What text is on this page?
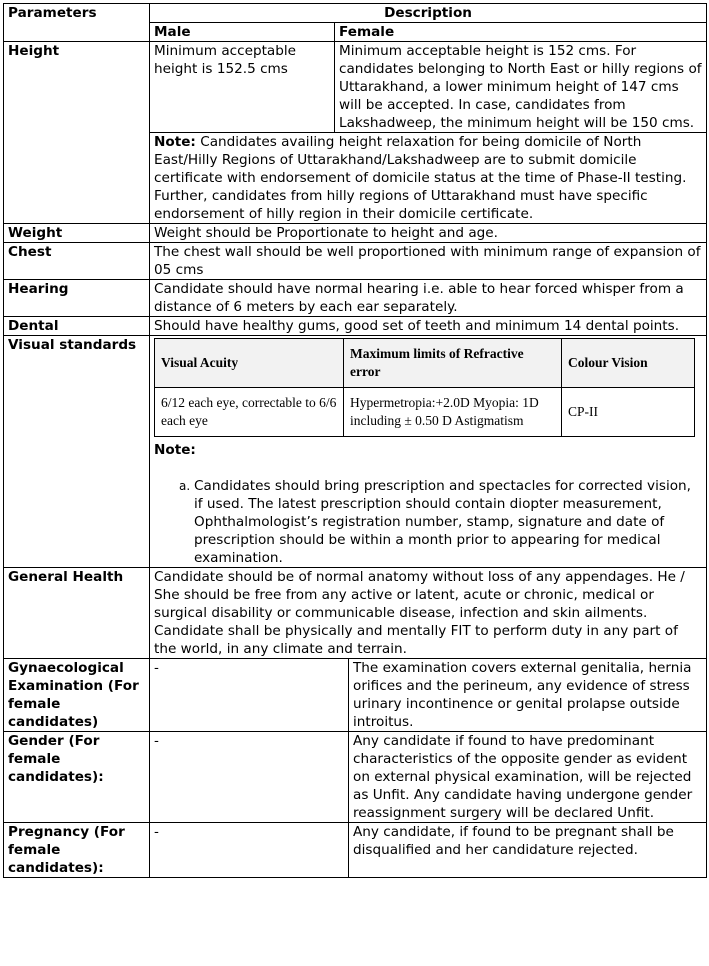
Parameters	Description
Male	Female
Height	Minimum acceptable height is 152.5 cms	Minimum acceptable height is 152 cms. For candidates belonging to North East or hilly regions of Uttarakhand, a lower minimum height of 147 cms will be accepted. In case, candidates from Lakshadweep, the minimum height will be 150 cms.
Note: Candidates availing height relaxation for being domicile of North East/Hilly Regions of Uttarakhand/Lakshadweep are to submit domicile certificate with endorsement of domicile status at the time of Phase-II testing. Further, candidates from hilly regions of Uttarakhand must have specific endorsement of hilly region in their domicile certificate.
Weight	Weight should be Proportionate to height and age.
Chest	The chest wall should be well proportioned with minimum range of expansion of 05 cms
Hearing	Candidate should have normal hearing i.e. able to hear forced whisper from a distance of 6 meters by each ear separately.
Dental	Should have healthy gums, good set of teeth and minimum 14 dental points.
Visual standards	
Visual Acuity	Maximum limits of Refractive error	Colour Vision
6/12 each eye, correctable to 6/6 each eye	Hypermetropia:+2.0D Myopia: 1D including ± 0.50 D Astigmatism	CP-II
Note:
a. Candidates should bring prescription and spectacles for corrected vision, if used. The latest prescription should contain diopter measurement, Ophthalmologist’s registration number, stamp, signature and date of prescription should be within a month prior to appearing for medical examination.

General Health	Candidate should be of normal anatomy without loss of any appendages. He / She should be free from any active or latent, acute or chronic, medical or surgical disability or communicable disease, infection and skin ailments. Candidate shall be physically and mentally FIT to perform duty in any part of the world, in any climate and terrain.
Gynaecological Examination (For female candidates)	-	The examination covers external genitalia, hernia orifices and the perineum, any evidence of stress urinary incontinence or genital prolapse outside introitus.
Gender (For female candidates):	-	Any candidate if found to have predominant characteristics of the opposite gender as evident on external physical examination, will be rejected as Unfit. Any candidate having undergone gender reassignment surgery will be declared Unfit.
Pregnancy (For female candidates):	-	Any candidate, if found to be pregnant shall be disqualified and her candidature rejected.
